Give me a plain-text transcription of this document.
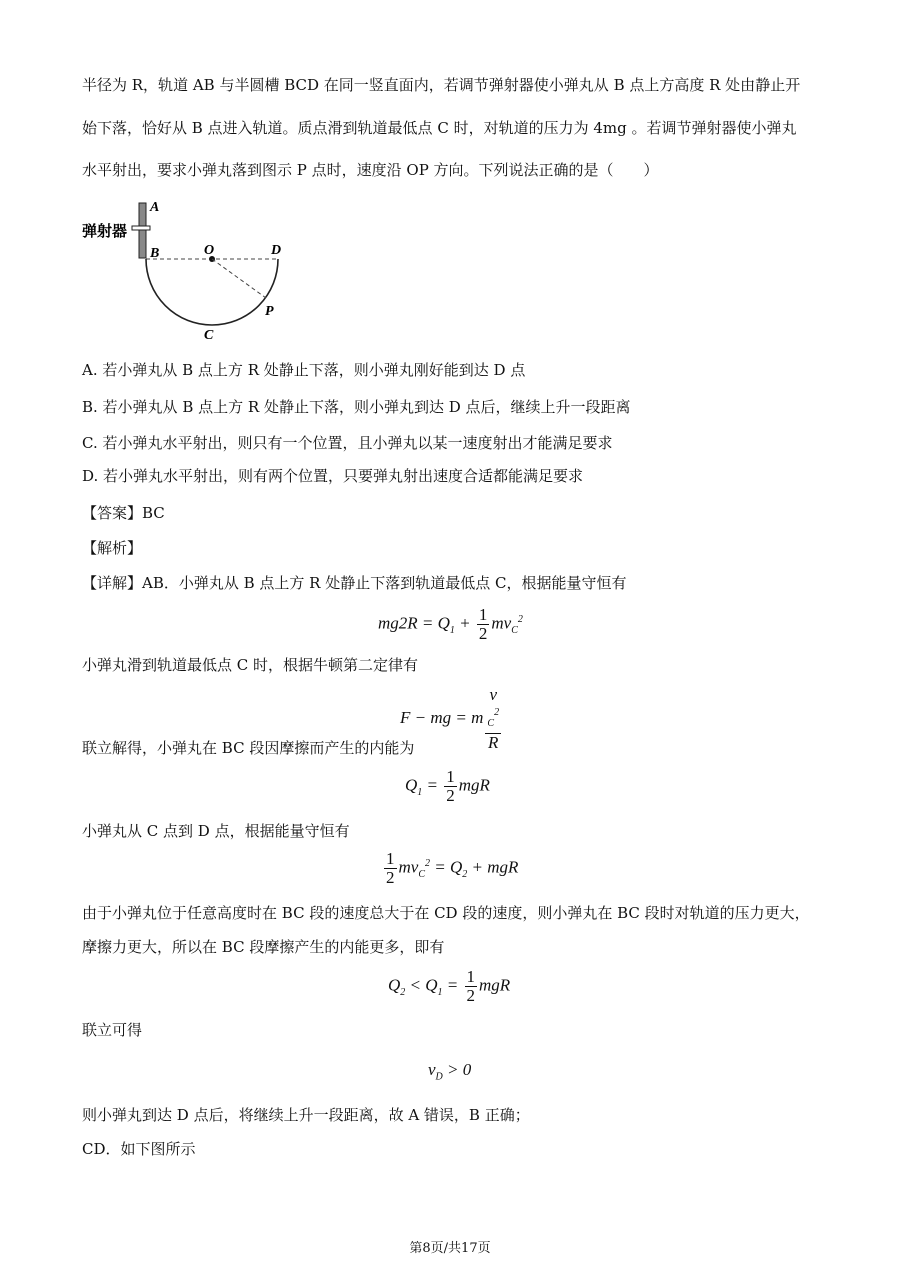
半径为 R，轨道 AB 与半圆槽 BCD 在同一竖直面内，若调节弹射器使小弹丸从 B 点上方高度 R 处由静止开
始下落，恰好从 B 点进入轨道。质点滑到轨道最低点 C 时，对轨道的压力为 4mg 。若调节弹射器使小弹丸
水平射出，要求小弹丸落到图示 P 点时，速度沿 OP 方向。下列说法正确的是（　　）
弹射器
A
B	O	D
P
C
A. 若小弹丸从 B 点上方 R 处静止下落，则小弹丸刚好能到达 D 点
B. 若小弹丸从 B 点上方 R 处静止下落，则小弹丸到达 D 点后，继续上升一段距离
C. 若小弹丸水平射出，则只有一个位置，且小弹丸以某一速度射出才能满足要求
D. 若小弹丸水平射出，则有两个位置，只要弹丸射出速度合适都能满足要求
【答案】BC
【解析】
【详解】AB．小弹丸从 B 点上方 R 处静止下落到轨道最低点 C，根据能量守恒有
$mg2R = Q_1 + \frac{1}{2} mv_C^2$
小弹丸滑到轨道最低点 C 时，根据牛顿第二定律有
F − mg = m v
$_C^2$
R
联立解得，小弹丸在 BC 段因摩擦而产生的内能为
$Q_1 = \frac{1}{2}$ mgR
小弹丸从 C 点到 D 点，根据能量守恒有
$\frac{1}{2} mv_C^2 = Q_2$ + mgR
由于小弹丸位于任意高度时在 BC 段的速度总大于在 CD 段的速度，则小弹丸在 BC 段时对轨道的压力更大，
摩擦力更大，所以在 BC 段摩擦产生的内能更多，即有
$Q_2 < Q_1 = \frac{1}{2}$ mgR
联立可得
$v_D > 0$
则小弹丸到达 D 点后，将继续上升一段距离，故 A 错误，B 正确；
CD．如下图所示
第8页/共17页
